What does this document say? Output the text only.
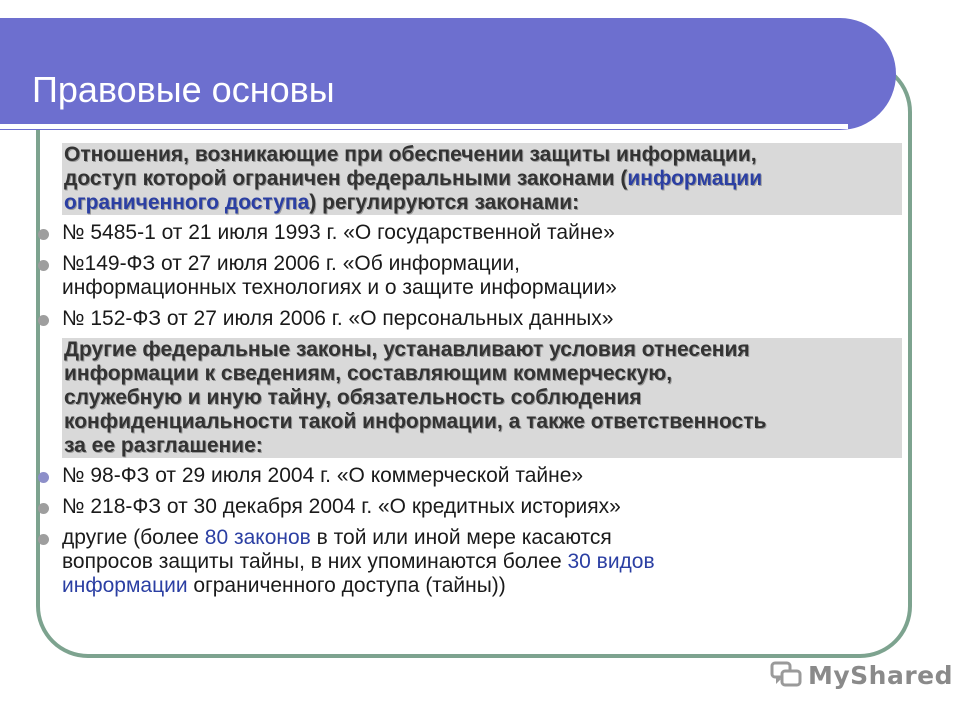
Правовые основы
Отношения, возникающие при обеспечении защиты информации,
доступ которой ограничен федеральными законами (информации
ограниченного доступа) регулируются законами:
№ 5485-1 от 21 июля 1993 г. «О государственной тайне»
№149-ФЗ от 27 июля 2006 г. «Об информации,
информационных технологиях и о защите информации»
№ 152-ФЗ от 27 июля 2006 г. «О персональных данных»
Другие федеральные законы, устанавливают условия отнесения
информации к сведениям, составляющим коммерческую,
служебную и иную тайну, обязательность соблюдения
конфиденциальности такой информации, а также ответственность
за ее разглашение:
№ 98-ФЗ от 29 июля 2004 г. «О коммерческой тайне»
№ 218-ФЗ от 30 декабря 2004 г. «О кредитных историях»
другие (более 80 законов в той или иной мере касаются
вопросов защиты тайны, в них упоминаются более 30 видов
информации ограниченного доступа (тайны))
MyShared
